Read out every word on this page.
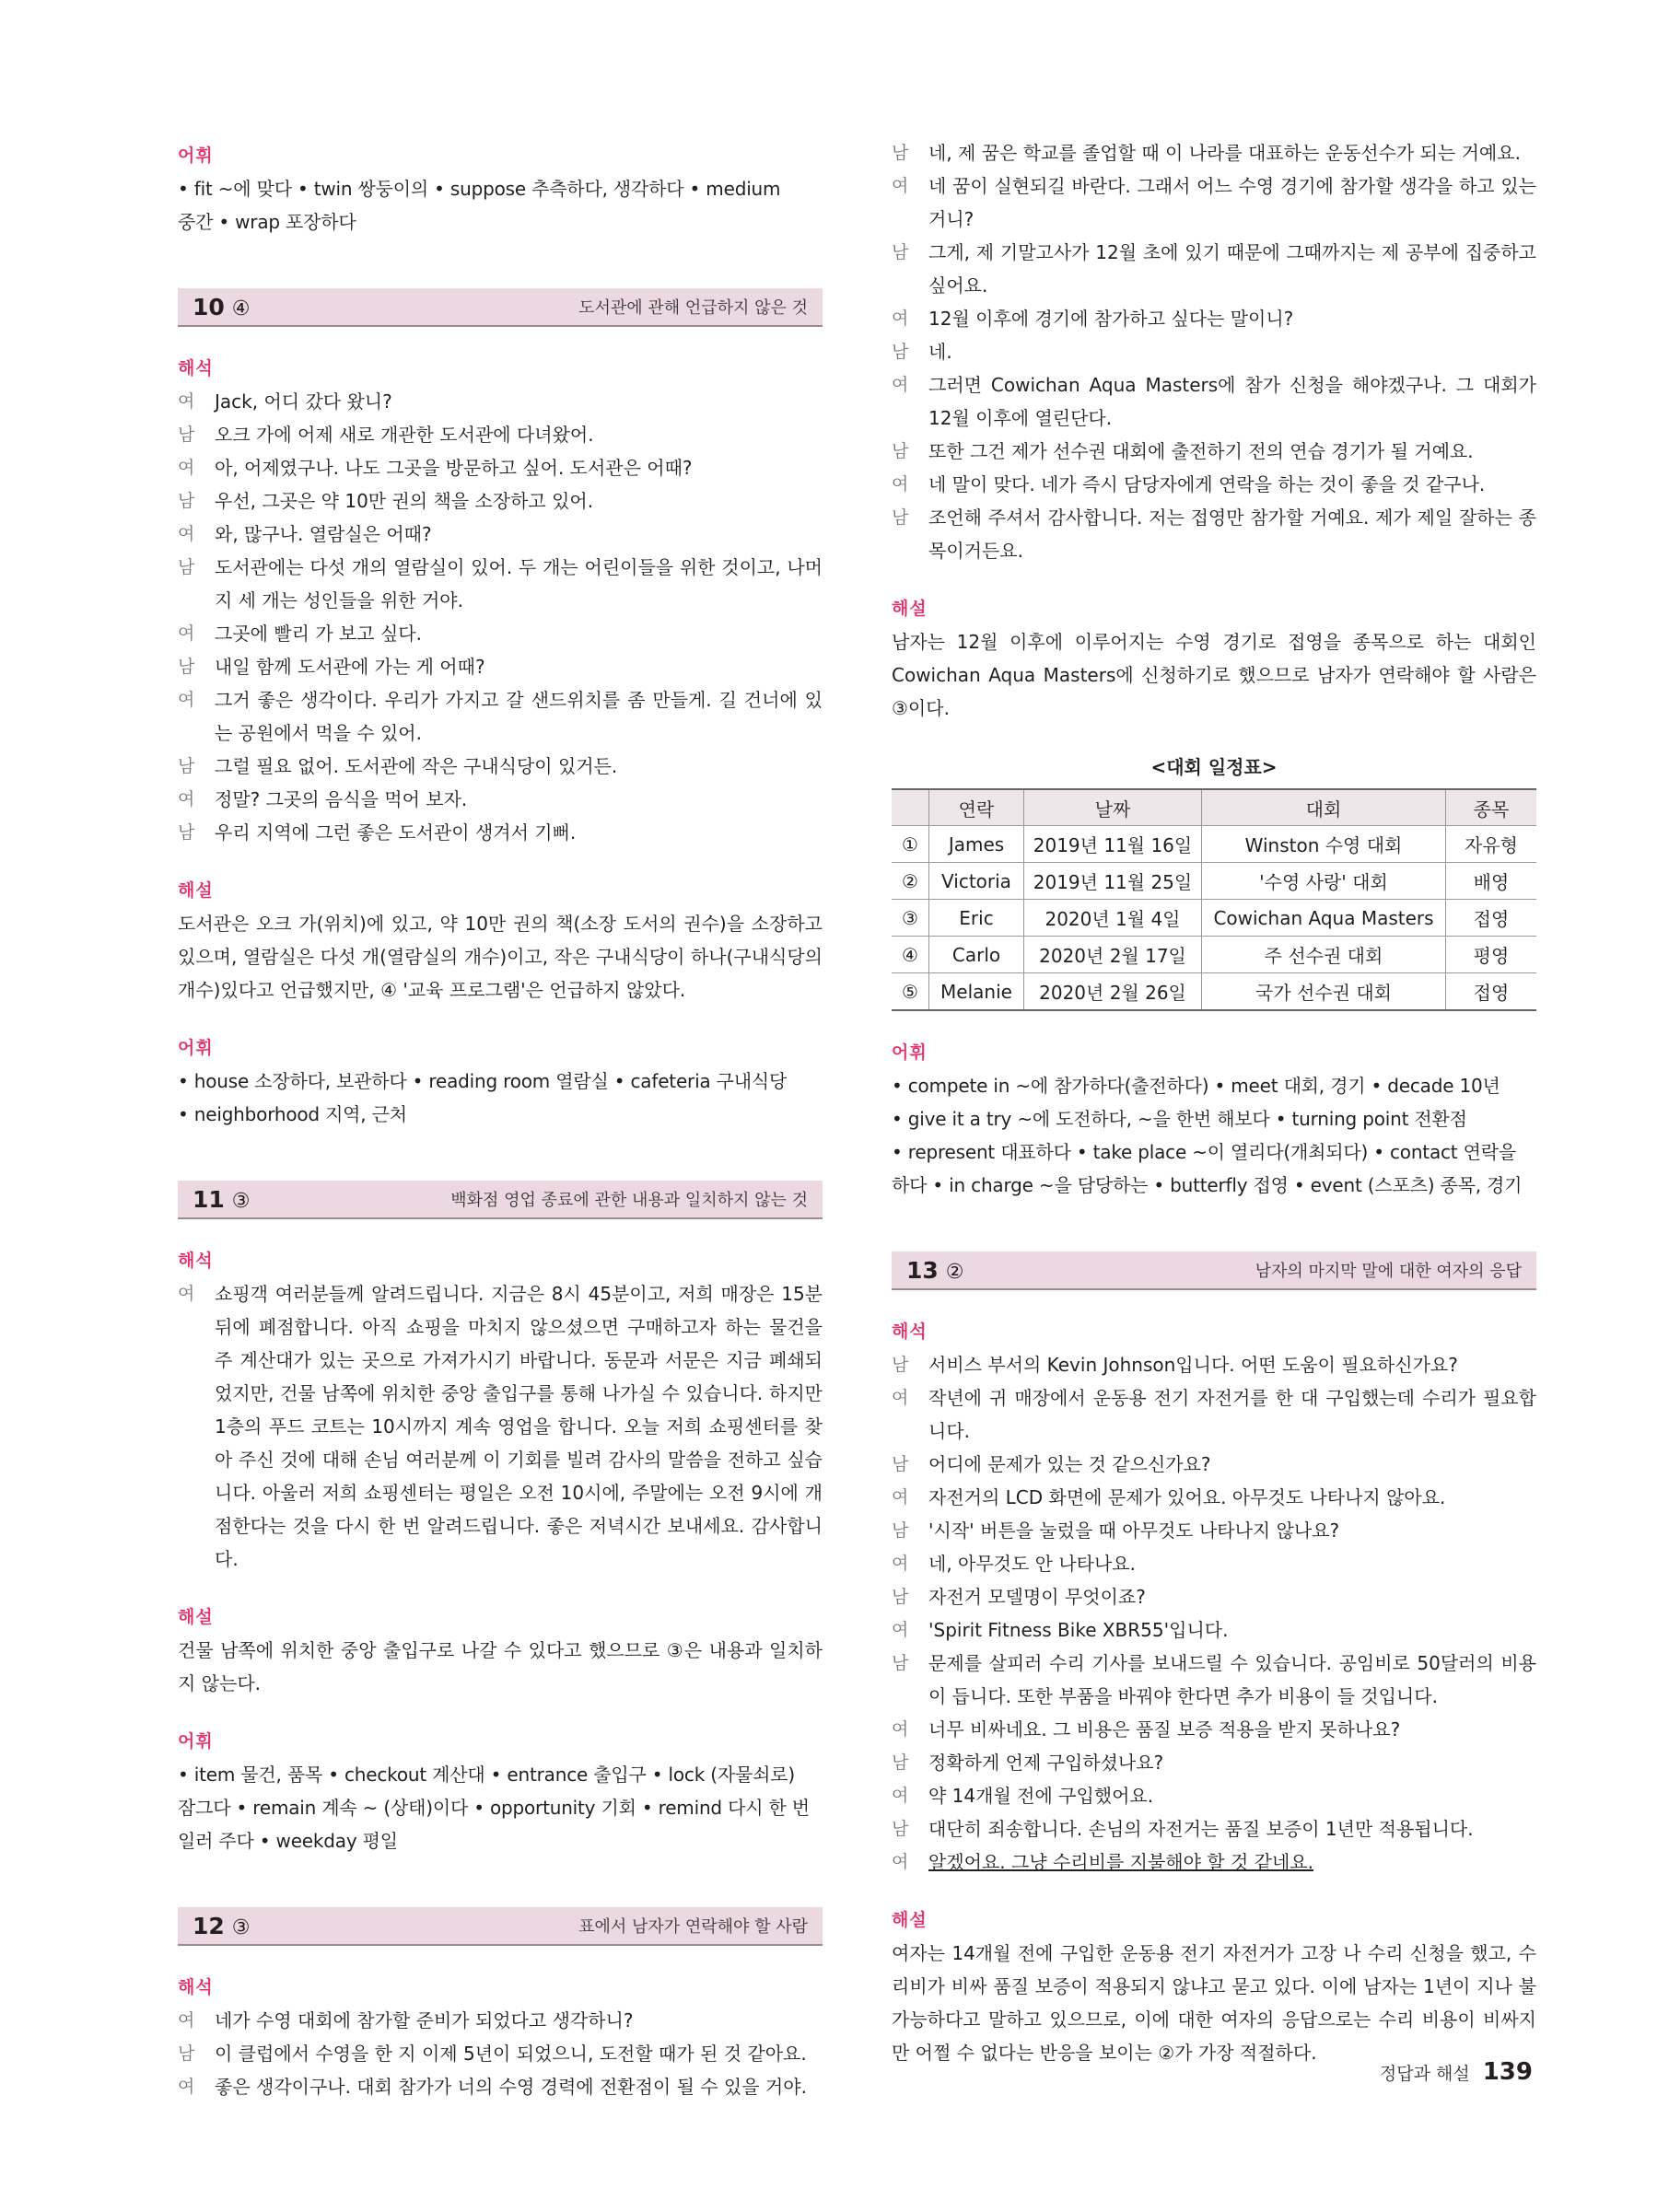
어휘
• fit ~에 맞다 • twin 쌍둥이의 • suppose 추측하다, 생각하다 • medium
중간 • wrap 포장하다
10 ④	도서관에 관해 언급하지 않은 것
해석
여	Jack, 어디 갔다 왔니?
남	오크 가에 어제 새로 개관한 도서관에 다녀왔어.
여	아, 어제였구나. 나도 그곳을 방문하고 싶어. 도서관은 어때?
남	우선, 그곳은 약 10만 권의 책을 소장하고 있어.
여	와, 많구나. 열람실은 어때?
남	도서관에는 다섯 개의 열람실이 있어. 두 개는 어린이들을 위한 것이고, 나머지 세 개는 성인들을 위한 거야.
여	그곳에 빨리 가 보고 싶다.
남	내일 함께 도서관에 가는 게 어때?
여	그거 좋은 생각이다. 우리가 가지고 갈 샌드위치를 좀 만들게. 길 건너에 있는 공원에서 먹을 수 있어.
남	그럴 필요 없어. 도서관에 작은 구내식당이 있거든.
여	정말? 그곳의 음식을 먹어 보자.
남	우리 지역에 그런 좋은 도서관이 생겨서 기뻐.
해설
도서관은 오크 가(위치)에 있고, 약 10만 권의 책(소장 도서의 권수)을 소장하고 있으며, 열람실은 다섯 개(열람실의 개수)이고, 작은 구내식당이 하나(구내식당의 개수)있다고 언급했지만, ④ '교육 프로그램'은 언급하지 않았다.
어휘
• house 소장하다, 보관하다 • reading room 열람실 • cafeteria 구내식당
• neighborhood 지역, 근처
11 ③	백화점 영업 종료에 관한 내용과 일치하지 않는 것
해석
여	쇼핑객 여러분들께 알려드립니다. 지금은 8시 45분이고, 저희 매장은 15분 뒤에 폐점합니다. 아직 쇼핑을 마치지 않으셨으면 구매하고자 하는 물건을 주 계산대가 있는 곳으로 가져가시기 바랍니다. 동문과 서문은 지금 폐쇄되었지만, 건물 남쪽에 위치한 중앙 출입구를 통해 나가실 수 있습니다. 하지만 1층의 푸드 코트는 10시까지 계속 영업을 합니다. 오늘 저희 쇼핑센터를 찾아 주신 것에 대해 손님 여러분께 이 기회를 빌려 감사의 말씀을 전하고 싶습니다. 아울러 저희 쇼핑센터는 평일은 오전 10시에, 주말에는 오전 9시에 개점한다는 것을 다시 한 번 알려드립니다. 좋은 저녁시간 보내세요. 감사합니다.
해설
건물 남쪽에 위치한 중앙 출입구로 나갈 수 있다고 했으므로 ③은 내용과 일치하지 않는다.
어휘
• item 물건, 품목 • checkout 계산대 • entrance 출입구 • lock (자물쇠로)
잠그다 • remain 계속 ~ (상태)이다 • opportunity 기회 • remind 다시 한 번
일러 주다 • weekday 평일
12 ③	표에서 남자가 연락해야 할 사람
해석
여	네가 수영 대회에 참가할 준비가 되었다고 생각하니?
남	이 클럽에서 수영을 한 지 이제 5년이 되었으니, 도전할 때가 된 것 같아요.
여	좋은 생각이구나. 대회 참가가 너의 수영 경력에 전환점이 될 수 있을 거야.
남	네, 제 꿈은 학교를 졸업할 때 이 나라를 대표하는 운동선수가 되는 거예요.
여	네 꿈이 실현되길 바란다. 그래서 어느 수영 경기에 참가할 생각을 하고 있는 거니?
남	그게, 제 기말고사가 12월 초에 있기 때문에 그때까지는 제 공부에 집중하고 싶어요.
여	12월 이후에 경기에 참가하고 싶다는 말이니?
남	네.
여	그러면 Cowichan Aqua Masters에 참가 신청을 해야겠구나. 그 대회가 12월 이후에 열린단다.
남	또한 그건 제가 선수권 대회에 출전하기 전의 연습 경기가 될 거예요.
여	네 말이 맞다. 네가 즉시 담당자에게 연락을 하는 것이 좋을 것 같구나.
남	조언해 주셔서 감사합니다. 저는 접영만 참가할 거예요. 제가 제일 잘하는 종목이거든요.
해설
남자는 12월 이후에 이루어지는 수영 경기로 접영을 종목으로 하는 대회인 Cowichan Aqua Masters에 신청하기로 했으므로 남자가 연락해야 할 사람은 ③이다.
<대회 일정표>
	연락	날짜	대회	종목
①	James	2019년 11월 16일	Winston 수영 대회	자유형
②	Victoria	2019년 11월 25일	'수영 사랑' 대회	배영
③	Eric	2020년 1월 4일	Cowichan Aqua Masters	접영
④	Carlo	2020년 2월 17일	주 선수권 대회	평영
⑤	Melanie	2020년 2월 26일	국가 선수권 대회	접영
어휘
• compete in ~에 참가하다(출전하다) • meet 대회, 경기 • decade 10년
• give it a try ~에 도전하다, ~을 한번 해보다 • turning point 전환점
• represent 대표하다 • take place ~이 열리다(개최되다) • contact 연락을
하다 • in charge ~을 담당하는 • butterfly 접영 • event (스포츠) 종목, 경기
13 ②	남자의 마지막 말에 대한 여자의 응답
해석
남	서비스 부서의 Kevin Johnson입니다. 어떤 도움이 필요하신가요?
여	작년에 귀 매장에서 운동용 전기 자전거를 한 대 구입했는데 수리가 필요합니다.
남	어디에 문제가 있는 것 같으신가요?
여	자전거의 LCD 화면에 문제가 있어요. 아무것도 나타나지 않아요.
남	'시작' 버튼을 눌렀을 때 아무것도 나타나지 않나요?
여	네, 아무것도 안 나타나요.
남	자전거 모델명이 무엇이죠?
여	'Spirit Fitness Bike XBR55'입니다.
남	문제를 살피러 수리 기사를 보내드릴 수 있습니다. 공임비로 50달러의 비용이 듭니다. 또한 부품을 바꿔야 한다면 추가 비용이 들 것입니다.
여	너무 비싸네요. 그 비용은 품질 보증 적용을 받지 못하나요?
남	정확하게 언제 구입하셨나요?
여	약 14개월 전에 구입했어요.
남	대단히 죄송합니다. 손님의 자전거는 품질 보증이 1년만 적용됩니다.
여	알겠어요. 그냥 수리비를 지불해야 할 것 같네요.
해설
여자는 14개월 전에 구입한 운동용 전기 자전거가 고장 나 수리 신청을 했고, 수리비가 비싸 품질 보증이 적용되지 않냐고 묻고 있다. 이에 남자는 1년이 지나 불가능하다고 말하고 있으므로, 이에 대한 여자의 응답으로는 수리 비용이 비싸지만 어쩔 수 없다는 반응을 보이는 ②가 가장 적절하다.
정답과 해설 139
